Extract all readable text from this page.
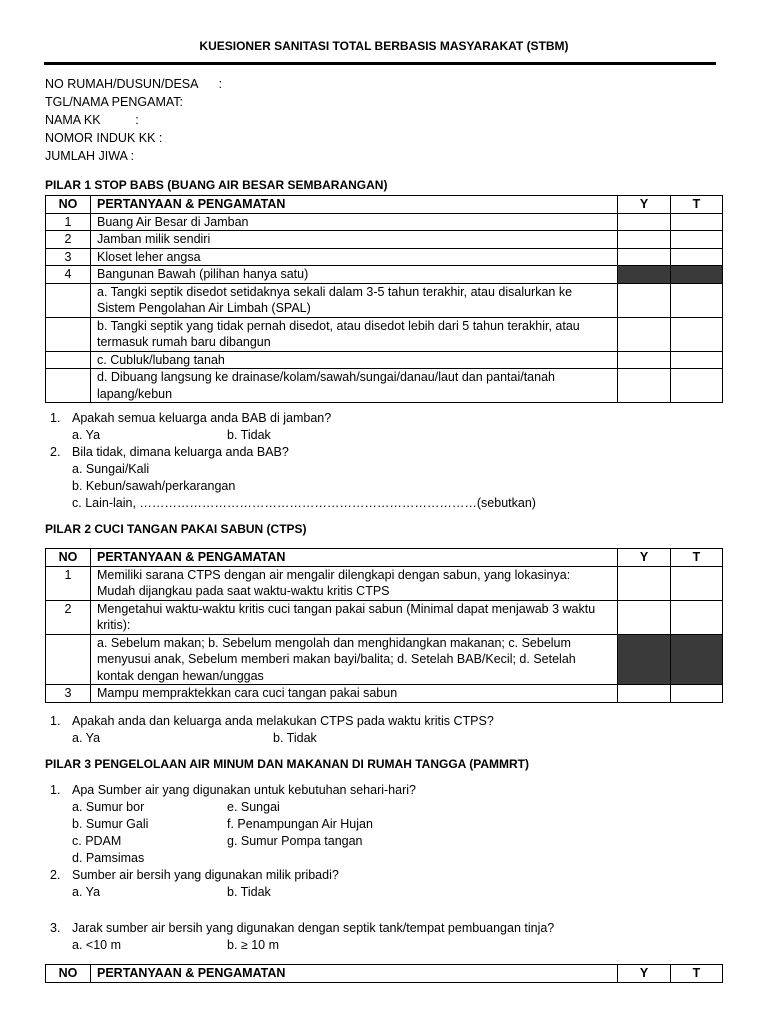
KUESIONER SANITASI TOTAL BERBASIS MASYARAKAT (STBM)
NO RUMAH/DUSUN/DESA      :
TGL/NAMA PENGAMAT:
NAMA KK          :
NOMOR INDUK KK :
JUMLAH JIWA :
PILAR 1 STOP BABS (BUANG AIR BESAR SEMBARANGAN)
NO	PERTANYAAN & PENGAMATAN	Y	T
1	Buang Air Besar di Jamban		
2	Jamban milik sendiri		
3	Kloset leher angsa		
4	Bangunan Bawah (pilihan hanya satu)		
	a. Tangki septik disedot setidaknya sekali dalam 3-5 tahun terakhir, atau disalurkan ke Sistem Pengolahan Air Limbah (SPAL)		
	b. Tangki septik yang tidak pernah disedot, atau disedot lebih dari 5 tahun terakhir, atau termasuk rumah baru dibangun		
	c. Cubluk/lubang tanah		
	d. Dibuang langsung ke drainase/kolam/sawah/sungai/danau/laut dan pantai/tanah lapang/kebun		
1. Apakah semua keluarga anda BAB di jamban?
a. Ya	b. Tidak
2. Bila tidak, dimana keluarga anda BAB?
a. Sungai/Kali
b. Kebun/sawah/perkarangan
c. Lain-lain, ………………………………………………………………………(sebutkan)
PILAR 2 CUCI TANGAN PAKAI SABUN (CTPS)
NO	PERTANYAAN & PENGAMATAN	Y	T
1	Memiliki sarana CTPS dengan air mengalir dilengkapi dengan sabun, yang lokasinya: Mudah dijangkau pada saat waktu-waktu kritis CTPS		
2	Mengetahui waktu-waktu kritis cuci tangan pakai sabun (Minimal dapat menjawab 3 waktu kritis):		
	a. Sebelum makan; b. Sebelum mengolah dan menghidangkan makanan; c. Sebelum menyusui anak, Sebelum memberi makan bayi/balita; d. Setelah BAB/Kecil; d. Setelah kontak dengan hewan/unggas		
3	Mampu mempraktekkan cara cuci tangan pakai sabun		
1. Apakah anda dan keluarga anda melakukan CTPS pada waktu kritis CTPS?
a. Ya	b. Tidak
PILAR 3 PENGELOLAAN AIR MINUM DAN MAKANAN DI RUMAH TANGGA (PAMMRT)
1. Apa Sumber air yang digunakan untuk kebutuhan sehari-hari?
a. Sumur bor	e. Sungai
b. Sumur Gali	f. Penampungan Air Hujan
c. PDAM	g. Sumur Pompa tangan
d. Pamsimas
2. Sumber air bersih yang digunakan milik pribadi?
a. Ya	b. Tidak
3. Jarak sumber air bersih yang digunakan dengan septik tank/tempat pembuangan tinja?
a. <10 m	b. ≥ 10 m
NO	PERTANYAAN & PENGAMATAN	Y	T
